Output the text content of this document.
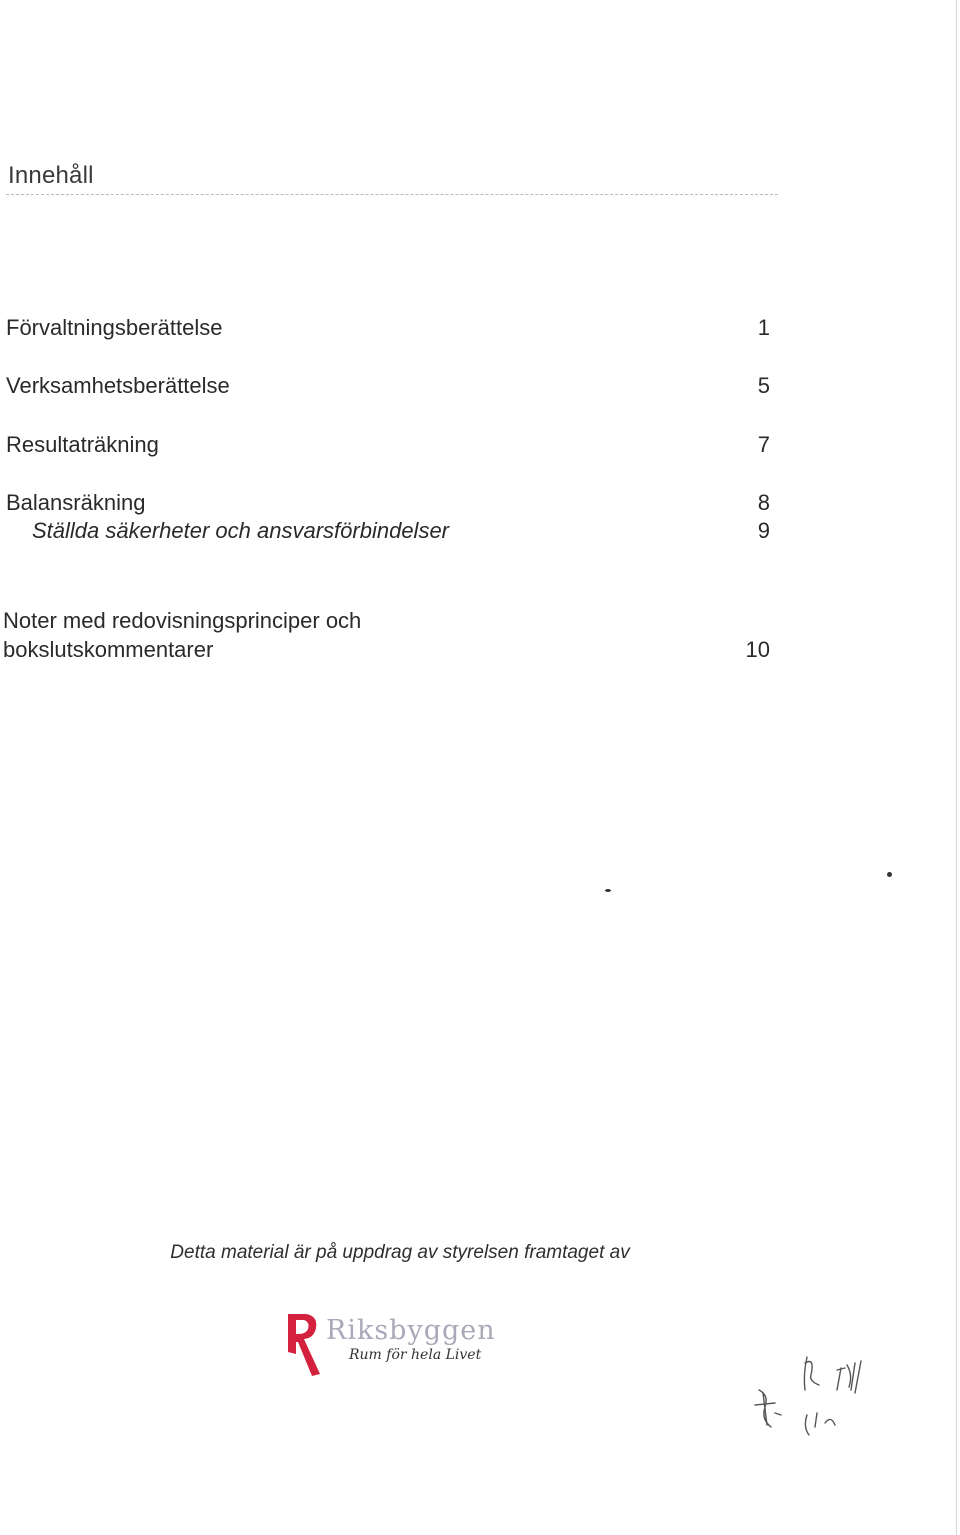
Innehåll
Förvaltningsberättelse	1
Verksamhetsberättelse	5
Resultaträkning	7
Balansräkning	8
Ställda säkerheter och ansvarsförbindelser	9
Noter med redovisningsprinciper och
bokslutskommentarer	10
Detta material är på uppdrag av styrelsen framtaget av
Riksbyggen
Rum för hela Livet
